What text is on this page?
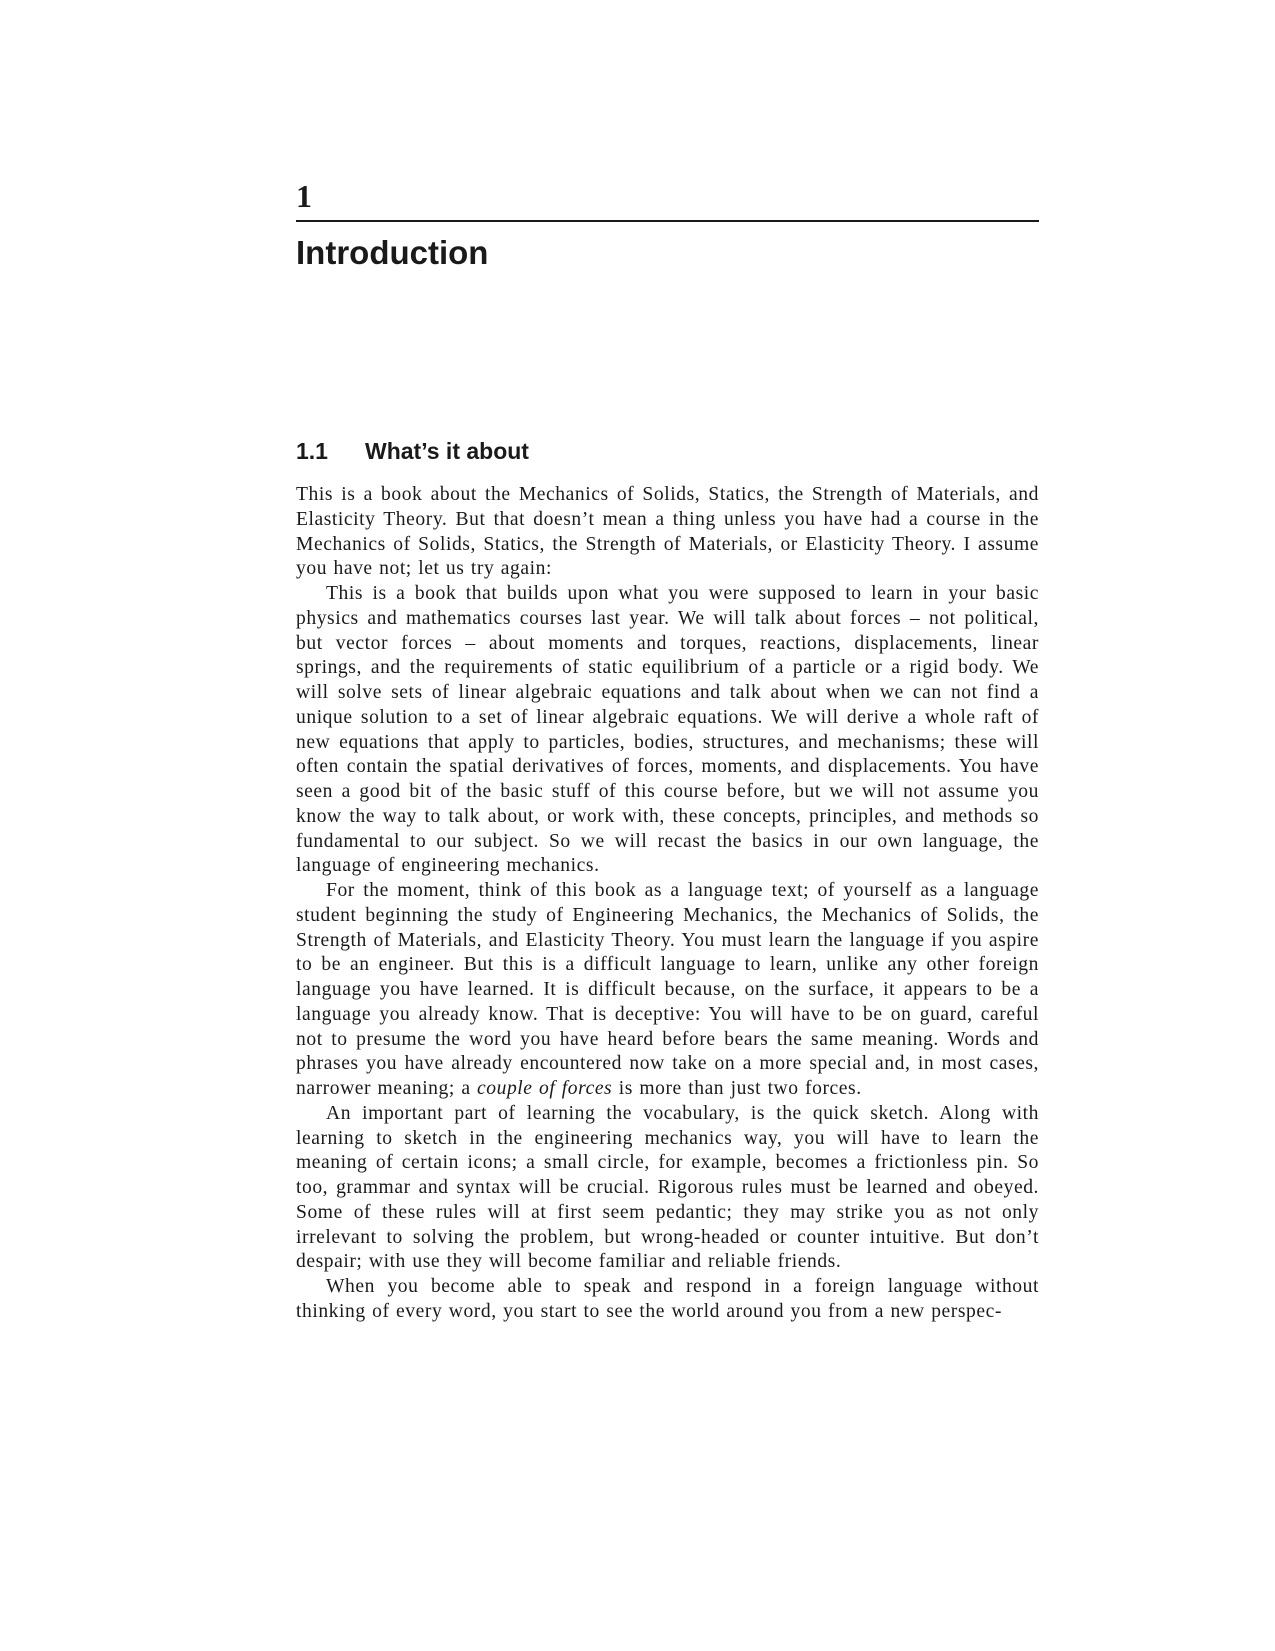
1
Introduction
1.1	What’s it about

This is a book about the Mechanics of Solids, Statics, the Strength of Materials, and Elasticity Theory. But that doesn’t mean a thing unless you have had a course in the Mechanics of Solids, Statics, the Strength of Materials, or Elasticity Theory. I assume you have not; let us try again:

This is a book that builds upon what you were supposed to learn in your basic physics and mathematics courses last year. We will talk about forces – not political, but vector forces – about moments and torques, reactions, displacements, linear springs, and the requirements of static equilibrium of a particle or a rigid body. We will solve sets of linear algebraic equations and talk about when we can not find a unique solution to a set of linear algebraic equations. We will derive a whole raft of new equations that apply to particles, bodies, structures, and mechanisms; these will often contain the spatial derivatives of forces, moments, and displacements. You have seen a good bit of the basic stuff of this course before, but we will not assume you know the way to talk about, or work with, these concepts, principles, and methods so fundamental to our subject. So we will recast the basics in our own language, the language of engineering mechanics.

For the moment, think of this book as a language text; of yourself as a language student beginning the study of Engineering Mechanics, the Mechanics of Solids, the Strength of Materials, and Elasticity Theory. You must learn the language if you aspire to be an engineer. But this is a difficult language to learn, unlike any other foreign language you have learned. It is difficult because, on the surface, it appears to be a language you already know. That is deceptive: You will have to be on guard, careful not to presume the word you have heard before bears the same meaning. Words and phrases you have already encountered now take on a more special and, in most cases, narrower meaning; a couple of forces is more than just two forces.

An important part of learning the vocabulary, is the quick sketch. Along with learning to sketch in the engineering mechanics way, you will have to learn the meaning of certain icons; a small circle, for example, becomes a frictionless pin. So too, grammar and syntax will be crucial. Rigorous rules must be learned and obeyed. Some of these rules will at first seem pedantic; they may strike you as not only irrelevant to solving the problem, but wrong-headed or counter intuitive. But don’t despair; with use they will become familiar and reliable friends.

When you become able to speak and respond in a foreign language without thinking of every word, you start to see the world around you from a new perspec-
